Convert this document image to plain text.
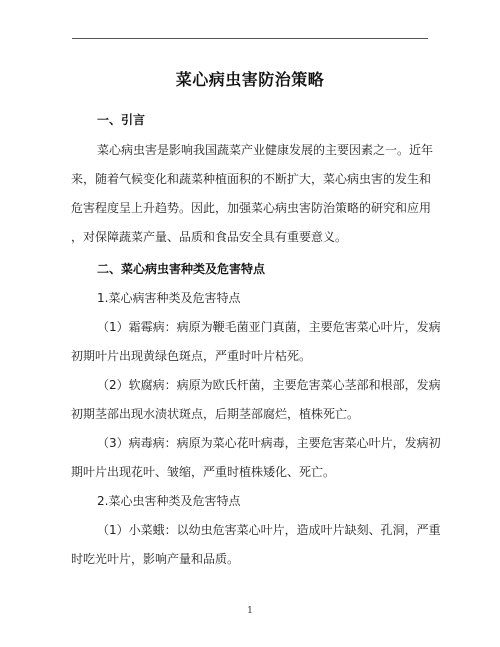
菜心病虫害防治策略
一、引言
菜心病虫害是影响我国蔬菜产业健康发展的主要因素之一。近年
来，随着气候变化和蔬菜种植面积的不断扩大，菜心病虫害的发生和
危害程度呈上升趋势。因此，加强菜心病虫害防治策略的研究和应用
，对保障蔬菜产量、品质和食品安全具有重要意义。
二、菜心病虫害种类及危害特点
1.菜心病害种类及危害特点
（1）霜霉病：病原为鞭毛菌亚门真菌，主要危害菜心叶片，发病
初期叶片出现黄绿色斑点，严重时叶片枯死。
（2）软腐病：病原为欧氏杆菌，主要危害菜心茎部和根部，发病
初期茎部出现水渍状斑点，后期茎部腐烂，植株死亡。
（3）病毒病：病原为菜心花叶病毒，主要危害菜心叶片，发病初
期叶片出现花叶、皱缩，严重时植株矮化、死亡。
2.菜心虫害种类及危害特点
（1）小菜蛾：以幼虫危害菜心叶片，造成叶片缺刻、孔洞，严重
时吃光叶片，影响产量和品质。
1
